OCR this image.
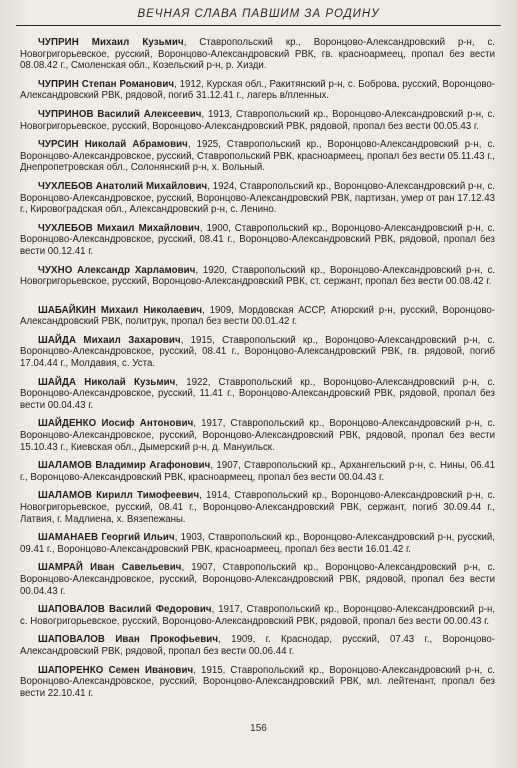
ВЕЧНАЯ СЛАВА ПАВШИМ ЗА РОДИНУ

ЧУПРИН Михаил Кузьмич, Ставропольский кр., Воронцово-Александровский р-н, с. Новогригорьевское, русский, Воронцово-Александровский РВК, гв. красноармеец, пропал без вести 08.08.42 г., Смоленская обл., Козельский р-н, р. Хизди.

ЧУПРИН Степан Романович, 1912, Курская обл., Ракитянский р-н, с. Боброва, русский, Воронцово-Александровский РВК, рядовой, погиб 31.12.41 г., лагерь в/пленных.

ЧУПРИНОВ Василий Алексеевич, 1913, Ставропольский кр., Воронцово-Александровский р-н, с. Новогригорьевское, русский, Воронцово-Александровский РВК, рядовой, пропал без вести 00.05.43 г.

ЧУРСИН Николай Абрамович, 1925, Ставропольский кр., Воронцово-Александровский р-н, с. Воронцово-Александровское, русский, Ставропольский РВК, красноармеец, пропал без вести 05.11.43 г., Днепропетровская обл., Солонянский р-н, х. Вольный.

ЧУХЛЕБОВ Анатолий Михайлович, 1924, Ставропольский кр., Воронцово-Александровский р-н, с. Воронцово-Александровское, русский, Воронцово-Александровский РВК, партизан, умер от ран 17.12.43 г., Кировоградская обл., Александровский р-н, с. Ленино.

ЧУХЛЕБОВ Михаил Михайлович, 1900, Ставропольский кр., Воронцово-Александровский р-н, с. Воронцово-Александровское, русский, 08.41 г., Воронцово-Александровский РВК, рядовой, пропал без вести 00.12.41 г.

ЧУХНО Александр Харламович, 1920, Ставропольский кр., Воронцово-Александровский р-н, с. Новогригорьевское, русский, Воронцово-Александровский РВК, ст. сержант, пропал без вести 00.08.42 г.

ШАБАЙКИН Михаил Николаевич, 1909, Мордовская АССР, Атюрский р-н, русский, Воронцово-Александровский РВК, политрук, пропал без вести 00.01.42 г.

ШАЙДА Михаил Захарович, 1915, Ставропольский кр., Воронцово-Александровский р-н, с. Воронцово-Александровское, русский, 08.41 г., Воронцово-Александровский РВК, гв. рядовой, погиб 17.04.44 г., Молдавия, с. Уста.

ШАЙДА Николай Кузьмич, 1922, Ставропольский кр., Воронцово-Александровский р-н, с. Воронцово-Александровское, русский, 11.41 г., Воронцово-Александровский РВК, рядовой, пропал без вести 00.04.43 г.

ШАЙДЕНКО Иосиф Антонович, 1917, Ставропольский кр., Воронцово-Александровский р-н, с. Воронцово-Александровское, русский, Воронцово-Александровский РВК, рядовой, пропал без вести 15.10.43 г., Киевская обл., Дымерский р-н, д. Мануильск.

ШАЛАМОВ Владимир Агафонович, 1907, Ставропольский кр., Архангельский р-н, с. Нины, 06.41 г., Воронцово-Александровский РВК, красноармеец, пропал без вести 00.04.43 г.

ШАЛАМОВ Кирилл Тимофеевич, 1914, Ставропольский кр., Воронцово-Александровский р-н, с. Новогригорьевское, русский, 08.41 г., Воронцово-Александровский РВК, сержант, погиб 30.09.44 г., Латвия, г. Мадлиена, х. Вязепежаны.

ШАМАНАЕВ Георгий Ильич, 1903, Ставропольский кр., Воронцово-Александровский р-н, русский, 09.41 г., Воронцово-Александровский РВК, красноармеец, пропал без вести 16.01.42 г.

ШАМРАЙ Иван Савельевич, 1907, Ставропольский кр., Воронцово-Александровский р-н, с. Воронцово-Александровское, русский, Воронцово-Александровский РВК, рядовой, пропал без вести 00.04.43 г.

ШАПОВАЛОВ Василий Федорович, 1917, Ставропольский кр., Воронцово-Александровский р-н, с. Новогригорьевское, русский, Воронцово-Александровский РВК, рядовой, пропал без вести 00.00.43 г.

ШАПОВАЛОВ Иван Прокофьевич, 1909, г. Краснодар, русский, 07.43 г., Воронцово-Александровский РВК, рядовой, пропал без вести 00.06.44 г.

ШАПОРЕНКО Семен Иванович, 1915, Ставропольский кр., Воронцово-Александровский р-н, с. Воронцово-Александровское, русский, Воронцово-Александровский РВК, мл. лейтенант, пропал без вести 22.10.41 г.

156
